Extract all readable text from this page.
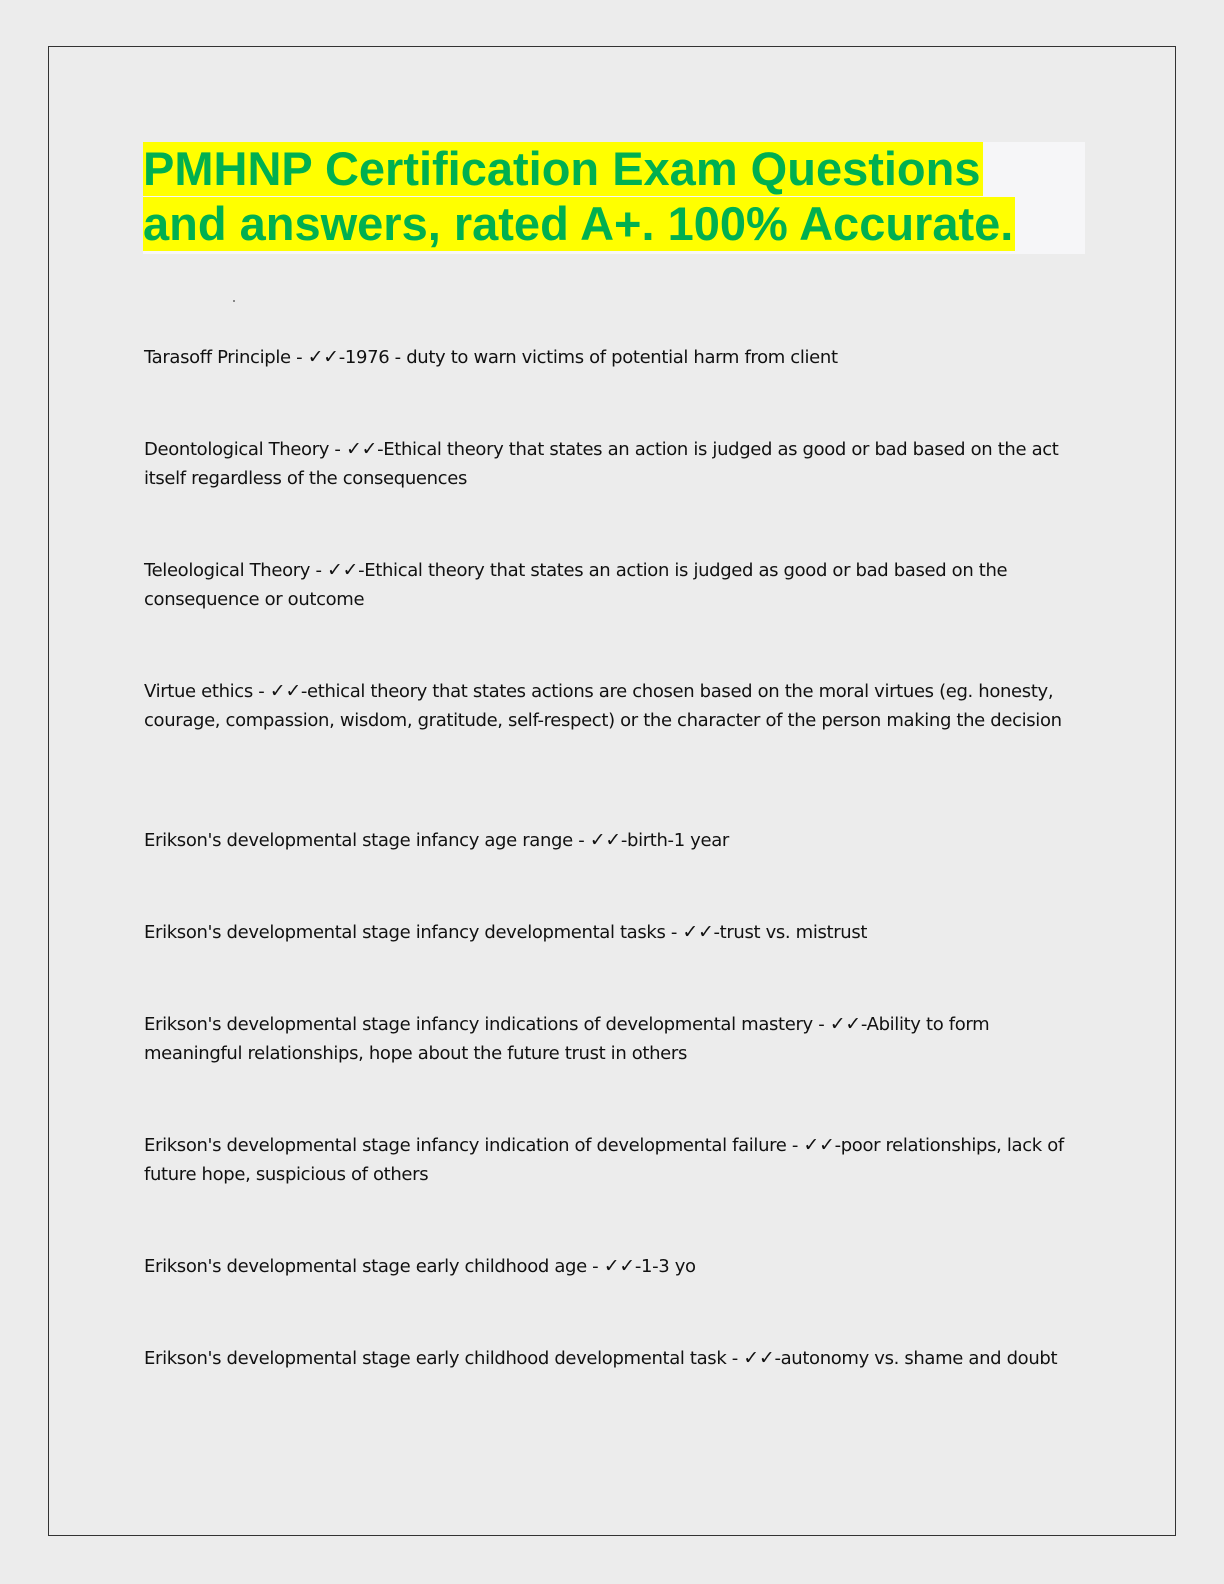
PMHNP Certification Exam Questions
and answers, rated A+. 100% Accurate.
Tarasoff Principle - ✓✓-1976 - duty to warn victims of potential harm from client
Deontological Theory - ✓✓-Ethical theory that states an action is judged as good or bad based on the act itself regardless of the consequences
Teleological Theory - ✓✓-Ethical theory that states an action is judged as good or bad based on the consequence or outcome
Virtue ethics - ✓✓-ethical theory that states actions are chosen based on the moral virtues (eg. honesty, courage, compassion, wisdom, gratitude, self-respect) or the character of the person making the decision
Erikson's developmental stage infancy age range - ✓✓-birth-1 year
Erikson's developmental stage infancy developmental tasks - ✓✓-trust vs. mistrust
Erikson's developmental stage infancy indications of developmental mastery - ✓✓-Ability to form meaningful relationships, hope about the future trust in others
Erikson's developmental stage infancy indication of developmental failure - ✓✓-poor relationships, lack of future hope, suspicious of others
Erikson's developmental stage early childhood age - ✓✓-1-3 yo
Erikson's developmental stage early childhood developmental task - ✓✓-autonomy vs. shame and doubt
